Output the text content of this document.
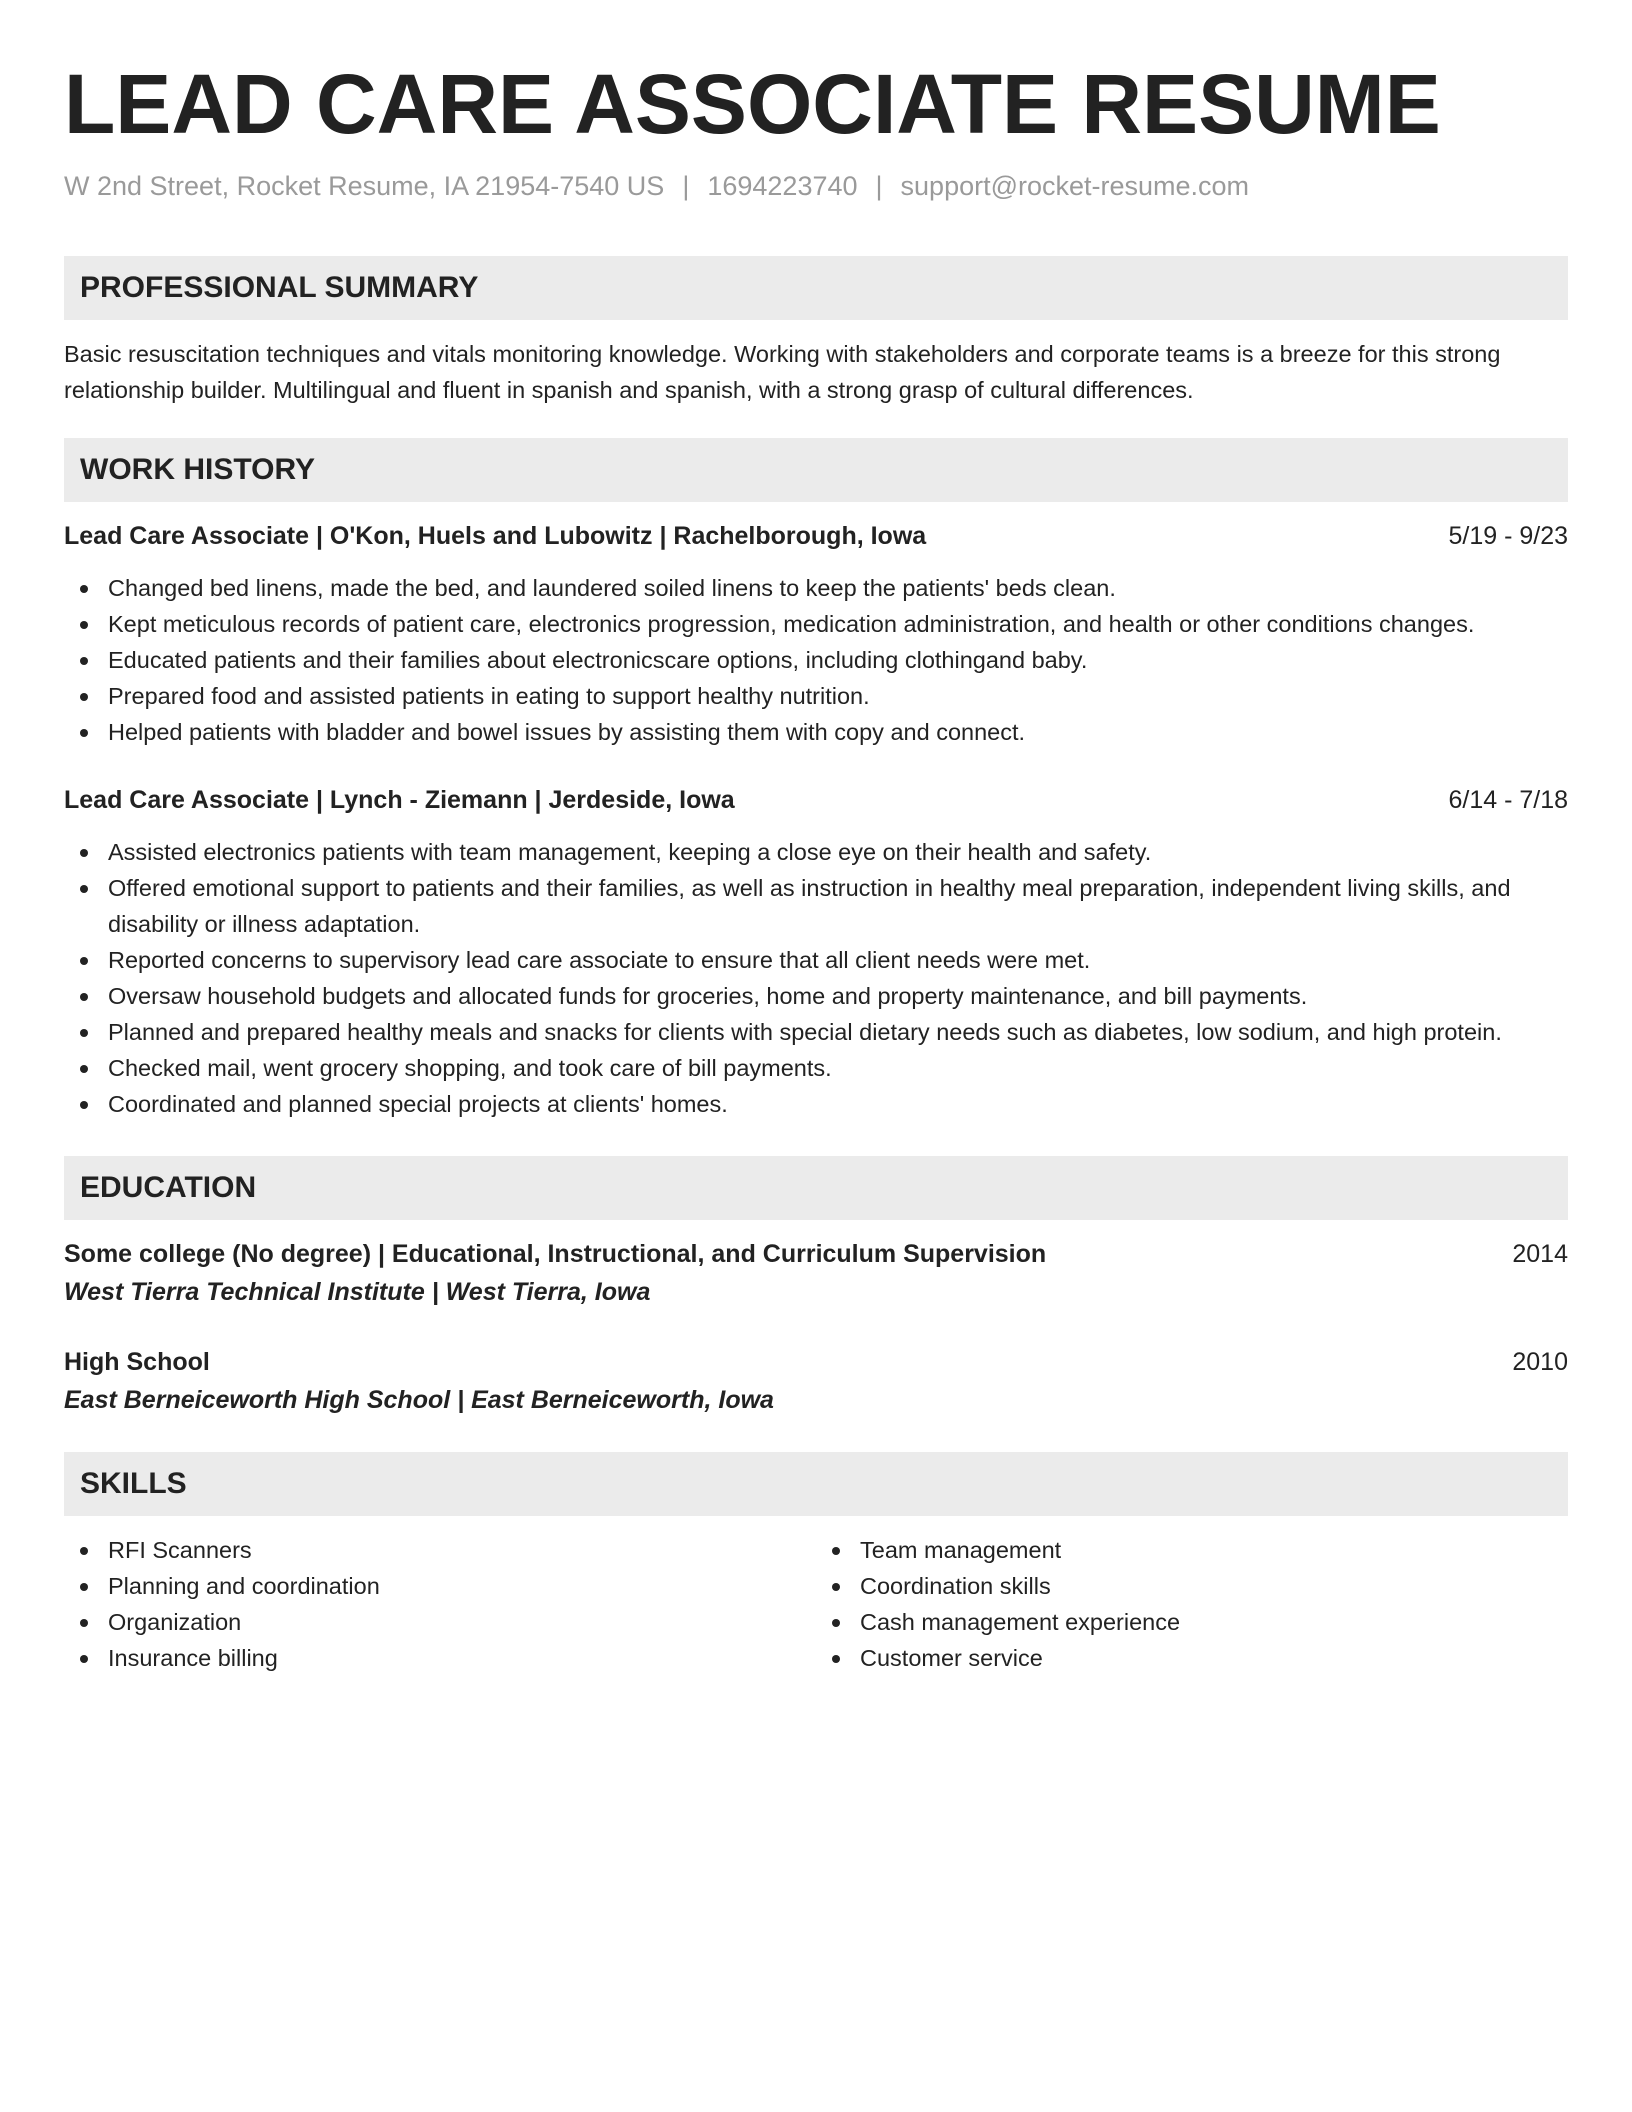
LEAD CARE ASSOCIATE RESUME
W 2nd Street, Rocket Resume, IA 21954-7540 US | 1694223740 | support@rocket-resume.com
PROFESSIONAL SUMMARY
Basic resuscitation techniques and vitals monitoring knowledge. Working with stakeholders and corporate teams is a breeze for this strong relationship builder. Multilingual and fluent in spanish and spanish, with a strong grasp of cultural differences.
WORK HISTORY
Lead Care Associate | O'Kon, Huels and Lubowitz | Rachelborough, Iowa	5/19 - 9/23
Changed bed linens, made the bed, and laundered soiled linens to keep the patients' beds clean.
Kept meticulous records of patient care, electronics progression, medication administration, and health or other conditions changes.
Educated patients and their families about electronicscare options, including clothingand baby.
Prepared food and assisted patients in eating to support healthy nutrition.
Helped patients with bladder and bowel issues by assisting them with copy and connect.
Lead Care Associate | Lynch - Ziemann | Jerdeside, Iowa	6/14 - 7/18
Assisted electronics patients with team management, keeping a close eye on their health and safety.
Offered emotional support to patients and their families, as well as instruction in healthy meal preparation, independent living skills, and disability or illness adaptation.
Reported concerns to supervisory lead care associate to ensure that all client needs were met.
Oversaw household budgets and allocated funds for groceries, home and property maintenance, and bill payments.
Planned and prepared healthy meals and snacks for clients with special dietary needs such as diabetes, low sodium, and high protein.
Checked mail, went grocery shopping, and took care of bill payments.
Coordinated and planned special projects at clients' homes.
EDUCATION
Some college (No degree) | Educational, Instructional, and Curriculum Supervision	2014
West Tierra Technical Institute | West Tierra, Iowa
High School	2010
East Berneiceworth High School | East Berneiceworth, Iowa
SKILLS
RFI Scanners
Planning and coordination
Organization
Insurance billing
Team management
Coordination skills
Cash management experience
Customer service
